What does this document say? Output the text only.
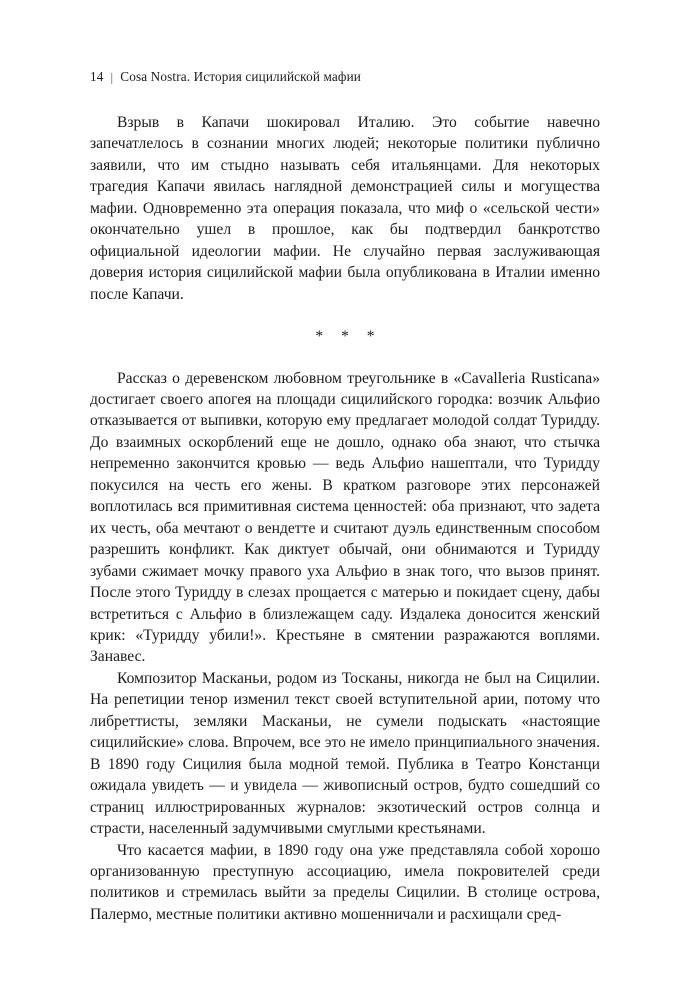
14 | Cosa Nostra. История сицилийской мафии

Взрыв в Капачи шокировал Италию. Это событие навечно запечатлелось в сознании многих людей; некоторые политики публично заявили, что им стыдно называть себя итальянцами. Для некоторых трагедия Капачи явилась наглядной демонстрацией силы и могущества мафии. Одновременно эта операция показала, что миф о «сельской чести» окончательно ушел в прошлое, как бы подтвердил банкротство официальной идеологии мафии. Не случайно первая заслуживающая доверия история сицилийской мафии была опубликована в Италии именно после Капачи.

* * *

Рассказ о деревенском любовном треугольнике в «Cavalleria Rusticana» достигает своего апогея на площади сицилийского городка: возчик Альфио отказывается от выпивки, которую ему предлагает молодой солдат Туридду. До взаимных оскорблений еще не дошло, однако оба знают, что стычка непременно закончится кровью — ведь Альфио нашептали, что Туридду покусился на честь его жены. В кратком разговоре этих персонажей воплотилась вся примитивная система ценностей: оба признают, что задета их честь, оба мечтают о вендетте и считают дуэль единственным способом разрешить конфликт. Как диктует обычай, они обнимаются и Туридду зубами сжимает мочку правого уха Альфио в знак того, что вызов принят. После этого Туридду в слезах прощается с матерью и покидает сцену, дабы встретиться с Альфио в близлежащем саду. Издалека доносится женский крик: «Туридду убили!». Крестьяне в смятении разражаются воплями. Занавес.

Композитор Масканьи, родом из Тосканы, никогда не был на Сицилии. На репетиции тенор изменил текст своей вступительной арии, потому что либреттисты, земляки Масканьи, не сумели подыскать «настоящие сицилийские» слова. Впрочем, все это не имело принципиального значения. В 1890 году Сицилия была модной темой. Публика в Театро Констанци ожидала увидеть — и увидела — живописный остров, будто сошедший со страниц иллюстрированных журналов: экзотический остров солнца и страсти, населенный задумчивыми смуглыми крестьянами.

Что касается мафии, в 1890 году она уже представляла собой хорошо организованную преступную ассоциацию, имела покровителей среди политиков и стремилась выйти за пределы Сицилии. В столице острова, Палермо, местные политики активно мошенничали и расхищали сред-
